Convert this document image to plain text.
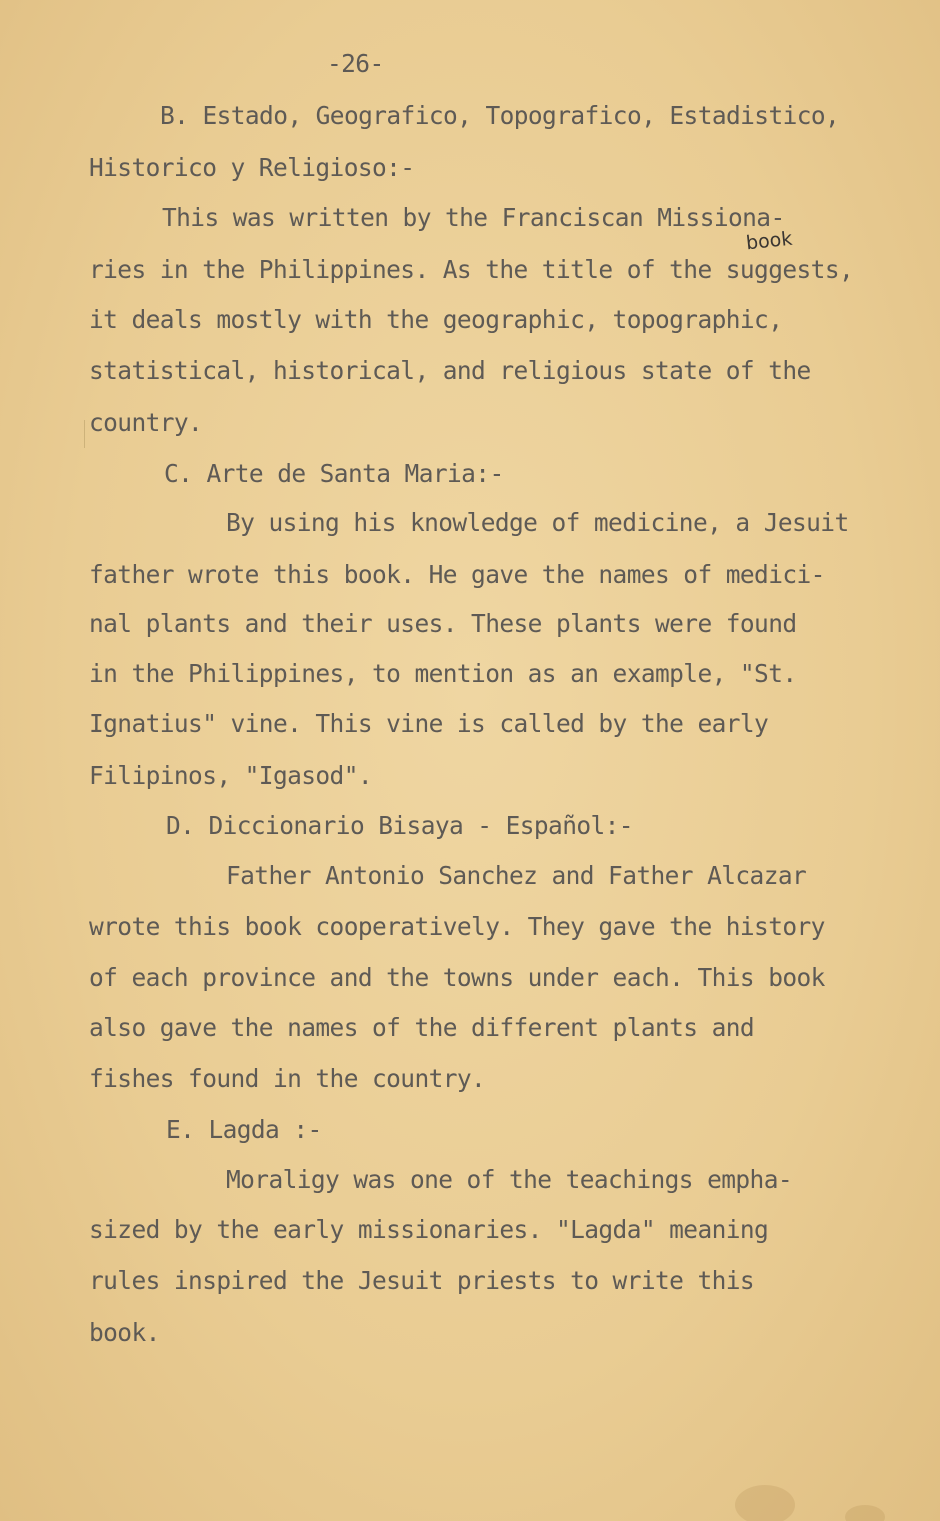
-26-
B. Estado, Geografico, Topografico, Estadistico,
Historico y Religioso:-
This was written by the Franciscan Missiona-
book
ries in the Philippines. As the title of the suggests,
it deals mostly with the geographic, topographic,
statistical, historical, and religious state of the
country.
C. Arte de Santa Maria:-
By using his knowledge of medicine, a Jesuit
father wrote this book. He gave the names of medici-
nal plants and their uses. These plants were found
in the Philippines, to mention as an example, "St.
Ignatius" vine. This vine is called by the early
Filipinos, "Igasod".
D. Diccionario Bisaya - Español:-
Father Antonio Sanchez and Father Alcazar
wrote this book cooperatively. They gave the history
of each province and the towns under each. This book
also gave the names of the different plants and
fishes found in the country.
E. Lagda :-
Moraligy was one of the teachings empha-
sized by the early missionaries. "Lagda" meaning
rules inspired the Jesuit priests to write this
book.
